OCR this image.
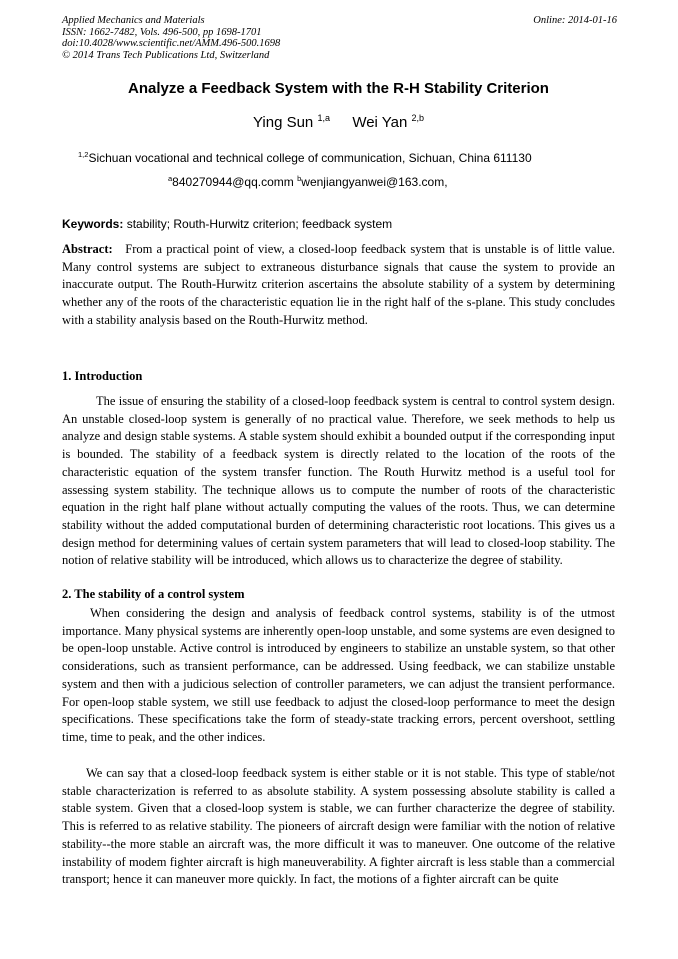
Applied Mechanics and Materials
ISSN: 1662-7482, Vols. 496-500, pp 1698-1701
doi:10.4028/www.scientific.net/AMM.496-500.1698
© 2014 Trans Tech Publications Ltd, Switzerland
Online: 2014-01-16
Analyze a Feedback System with the R-H Stability Criterion
Ying Sun $^{1,a}$ Wei Yan $^{2,b}$
$^{1,2}$Sichuan vocational and technical college of communication, Sichuan, China 611130
$^a$840270944@qq.comm $^b$wenjiangyanwei@163.com,
Keywords: stability; Routh-Hurwitz criterion; feedback system
Abstract: From a practical point of view, a closed-loop feedback system that is unstable is of little value. Many control systems are subject to extraneous disturbance signals that cause the system to provide an inaccurate output. The Routh-Hurwitz criterion ascertains the absolute stability of a system by determining whether any of the roots of the characteristic equation lie in the right half of the s-plane. This study concludes with a stability analysis based on the Routh-Hurwitz method.
1. Introduction
The issue of ensuring the stability of a closed-loop feedback system is central to control system design. An unstable closed-loop system is generally of no practical value. Therefore, we seek methods to help us analyze and design stable systems. A stable system should exhibit a bounded output if the corresponding input is bounded. The stability of a feedback system is directly related to the location of the roots of the characteristic equation of the system transfer function. The Routh Hurwitz method is a useful tool for assessing system stability. The technique allows us to compute the number of roots of the characteristic equation in the right half plane without actually computing the values of the roots. Thus, we can determine stability without the added computational burden of determining characteristic root locations. This gives us a design method for determining values of certain system parameters that will lead to closed-loop stability. The notion of relative stability will be introduced, which allows us to characterize the degree of stability.
2. The stability of a control system
When considering the design and analysis of feedback control systems, stability is of the utmost importance. Many physical systems are inherently open-loop unstable, and some systems are even designed to be open-loop unstable. Active control is introduced by engineers to stabilize an unstable system, so that other considerations, such as transient performance, can be addressed. Using feedback, we can stabilize unstable system and then with a judicious selection of controller parameters, we can adjust the transient performance. For open-loop stable system, we still use feedback to adjust the closed-loop performance to meet the design specifications. These specifications take the form of steady-state tracking errors, percent overshoot, settling time, time to peak, and the other indices.
We can say that a closed-loop feedback system is either stable or it is not stable. This type of stable/not stable characterization is referred to as absolute stability. A system possessing absolute stability is called a stable system. Given that a closed-loop system is stable, we can further characterize the degree of stability. This is referred to as relative stability. The pioneers of aircraft design were familiar with the notion of relative stability--the more stable an aircraft was, the more difficult it was to maneuver. One outcome of the relative instability of modem fighter aircraft is high maneuverability. A fighter aircraft is less stable than a commercial transport; hence it can maneuver more quickly. In fact, the motions of a fighter aircraft can be quite
